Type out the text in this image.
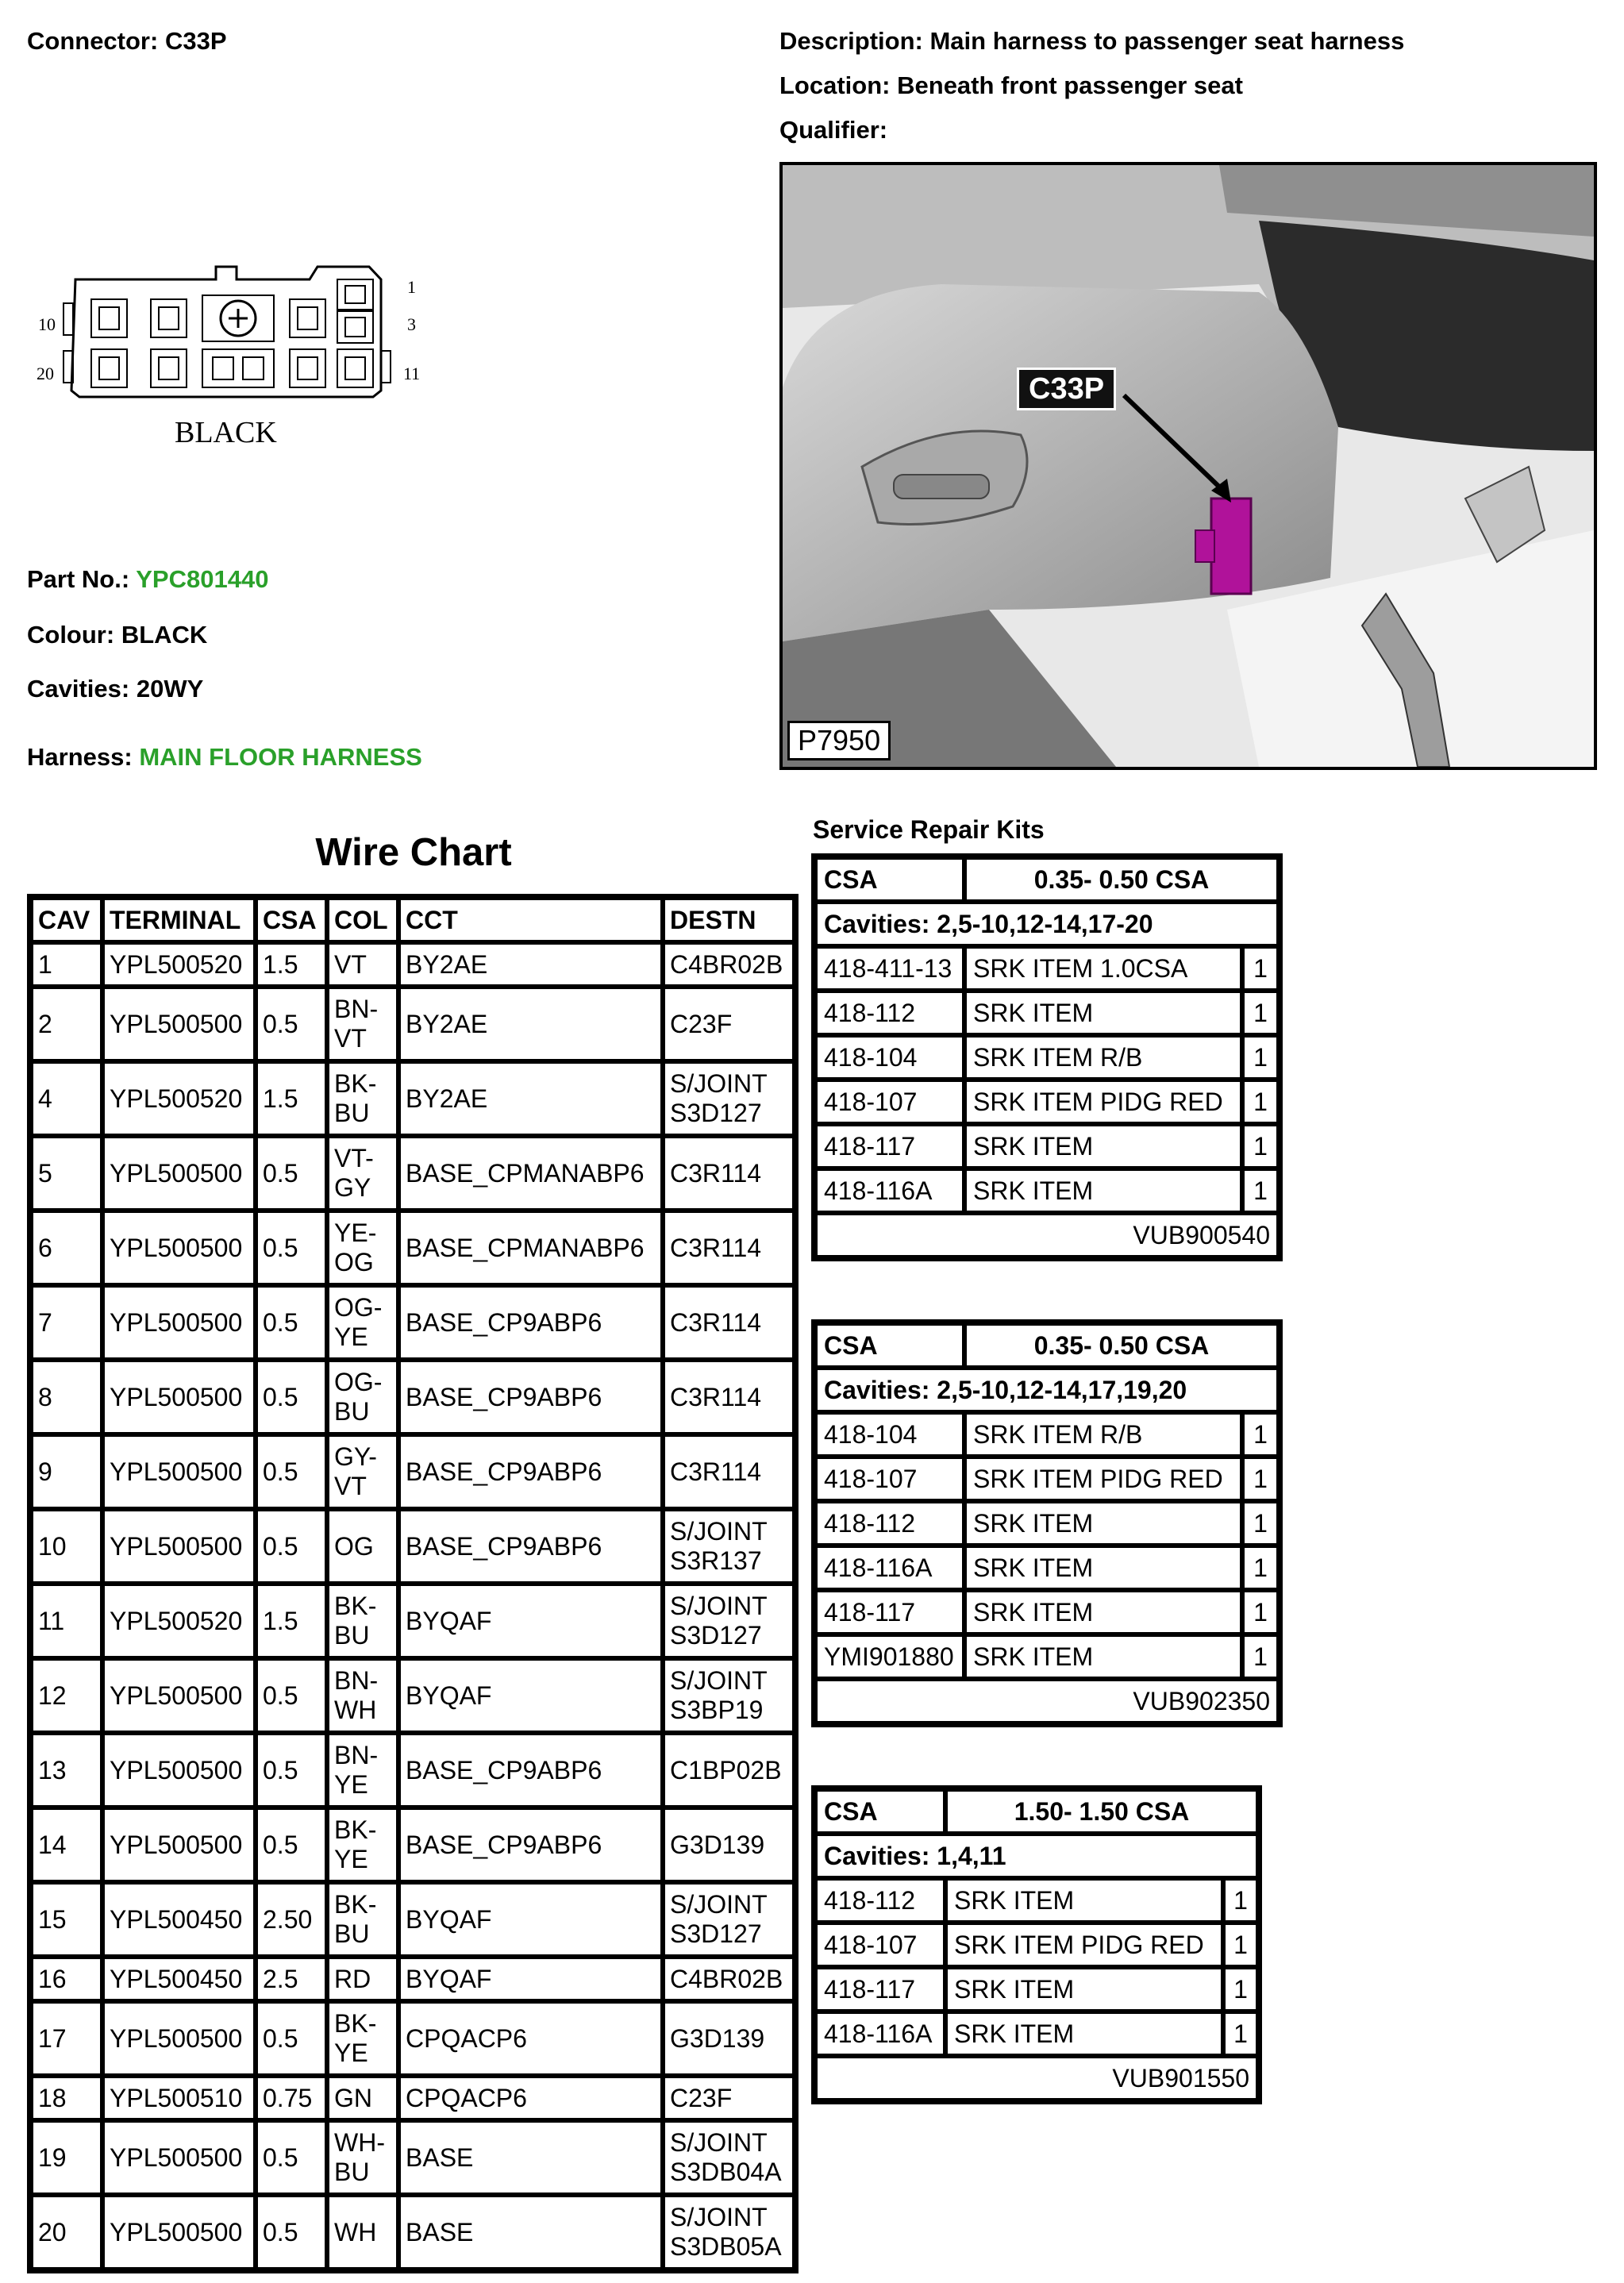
Connector: C33P	Description: Main harness to passenger seat harness
Location: Beneath front passenger seat
Qualifier:
1
3
10
20	11
BLACK
C33P
P7950
Part No.: YPC801440
Colour: BLACK
Cavities: 20WY
Harness: MAIN FLOOR HARNESS
Wire Chart
CAV	TERMINAL	CSA	COL	CCT	DESTN
1	YPL500520	1.5	VT	BY2AE	C4BR02B
2	YPL500500	0.5	BN-VT	BY2AE	C23F
4	YPL500520	1.5	BK-BU	BY2AE	S/JOINT S3D127
5	YPL500500	0.5	VT-GY	BASE_CPMANABP6	C3R114
6	YPL500500	0.5	YE-OG	BASE_CPMANABP6	C3R114
7	YPL500500	0.5	OG-YE	BASE_CP9ABP6	C3R114
8	YPL500500	0.5	OG-BU	BASE_CP9ABP6	C3R114
9	YPL500500	0.5	GY-VT	BASE_CP9ABP6	C3R114
10	YPL500500	0.5	OG	BASE_CP9ABP6	S/JOINT S3R137
11	YPL500520	1.5	BK-BU	BYQAF	S/JOINT S3D127
12	YPL500500	0.5	BN-WH	BYQAF	S/JOINT S3BP19
13	YPL500500	0.5	BN-YE	BASE_CP9ABP6	C1BP02B
14	YPL500500	0.5	BK-YE	BASE_CP9ABP6	G3D139
15	YPL500450	2.50	BK-BU	BYQAF	S/JOINT S3D127
16	YPL500450	2.5	RD	BYQAF	C4BR02B
17	YPL500500	0.5	BK-YE	CPQACP6	G3D139
18	YPL500510	0.75	GN	CPQACP6	C23F
19	YPL500500	0.5	WH-BU	BASE	S/JOINT S3DB04A
20	YPL500500	0.5	WH	BASE	S/JOINT S3DB05A
Service Repair Kits
CSA	0.35- 0.50 CSA	
Cavities: 2,5-10,12-14,17-20		
418-411-13	SRK ITEM 1.0CSA	1
418-112	SRK ITEM	1
418-104	SRK ITEM R/B	1
418-107	SRK ITEM PIDG RED	1
418-117	SRK ITEM	1
418-116A	SRK ITEM	1
VUB900540		
CSA	0.35- 0.50 CSA	
Cavities: 2,5-10,12-14,17,19,20		
418-104	SRK ITEM R/B	1
418-107	SRK ITEM PIDG RED	1
418-112	SRK ITEM	1
418-116A	SRK ITEM	1
418-117	SRK ITEM	1
YMI901880	SRK ITEM	1
VUB902350		
CSA	1.50- 1.50 CSA	
Cavities: 1,4,11		
418-112	SRK ITEM	1
418-107	SRK ITEM PIDG RED	1
418-117	SRK ITEM	1
418-116A	SRK ITEM	1
VUB901550		
